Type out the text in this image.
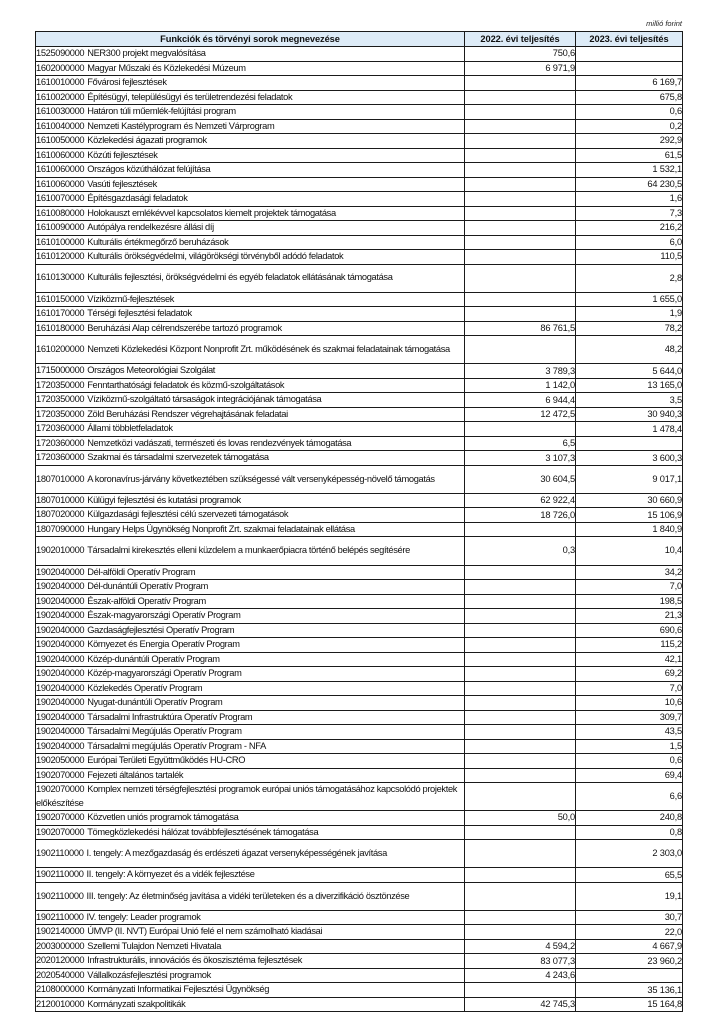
millió forint
Funkciók és törvényi sorok megnevezése	2022. évi teljesítés	2023. évi teljesítés
1525090000 NER300 projekt megvalósítása	750,6	
1602000000 Magyar Műszaki és Közlekedési Múzeum	6 971,9	
1610010000 Fővárosi fejlesztések		6 169,7
1610020000 Építésügyi, településügyi és területrendezési feladatok		675,8
1610030000 Határon túli műemlék-felújítási program		0,6
1610040000 Nemzeti Kastélyprogram és Nemzeti Várprogram		0,2
1610050000 Közlekedési ágazati programok		292,9
1610060000 Közúti fejlesztések		61,5
1610060000 Országos közúthálózat felújítása		1 532,1
1610060000 Vasúti fejlesztések		64 230,5
1610070000 Építésgazdasági feladatok		1,6
1610080000 Holokauszt emlékévvel kapcsolatos kiemelt projektek támogatása		7,3
1610090000 Autópálya rendelkezésre állási díj		216,2
1610100000 Kulturális értékmegőrző beruházások		6,0
1610120000 Kulturális örökségvédelmi, világörökségi törvényből adódó feladatok		110,5
1610130000 Kulturális fejlesztési, örökségvédelmi és egyéb feladatok ellátásának támogatása		2,8
1610150000 Víziközmű-fejlesztések		1 655,0
1610170000 Térségi fejlesztési feladatok		1,9
1610180000 Beruházási Alap célrendszerébe tartozó programok	86 761,5	78,2
1610200000 Nemzeti Közlekedési Központ Nonprofit Zrt. működésének és szakmai feladatainak támogatása		48,2
1715000000 Országos Meteorológiai Szolgálat	3 789,3	5 644,0
1720350000 Fenntarthatósági feladatok és közmű-szolgáltatások	1 142,0	13 165,0
1720350000 Víziközmű-szolgáltató társaságok integrációjának támogatása	6 944,4	3,5
1720350000 Zöld Beruházási Rendszer végrehajtásának feladatai	12 472,5	30 940,3
1720360000 Állami többletfeladatok		1 478,4
1720360000 Nemzetközi vadászati, természeti és lovas rendezvények támogatása	6,5	
1720360000 Szakmai és társadalmi szervezetek támogatása	3 107,3	3 600,3
1807010000 A koronavírus-járvány következtében szükségessé vált versenyképesség-növelő támogatás	30 604,5	9 017,1
1807010000 Külügyi fejlesztési és kutatási programok	62 922,4	30 660,9
1807020000 Külgazdasági fejlesztési célú szervezeti támogatások	18 726,0	15 106,9
1807090000 Hungary Helps Ügynökség Nonprofit Zrt. szakmai feladatainak ellátása		1 840,9
1902010000 Társadalmi kirekesztés elleni küzdelem a munkaerőpiacra történő belépés segítésére	0,3	10,4
1902040000 Dél-alföldi Operatív Program		34,2
1902040000 Dél-dunántúli Operatív Program		7,0
1902040000 Észak-alföldi Operatív Program		198,5
1902040000 Észak-magyarországi Operatív Program		21,3
1902040000 Gazdaságfejlesztési Operatív Program		690,6
1902040000 Környezet és Energia Operatív Program		115,2
1902040000 Közép-dunántúli Operatív Program		42,1
1902040000 Közép-magyarországi Operatív Program		69,2
1902040000 Közlekedés Operatív Program		7,0
1902040000 Nyugat-dunántúli Operatív Program		10,6
1902040000 Társadalmi Infrastruktúra Operatív Program		309,7
1902040000 Társadalmi Megújulás Operatív Program		43,5
1902040000 Társadalmi megújulás Operatív Program - NFA		1,5
1902050000 Európai Területi Együttműködés HU-CRO		0,6
1902070000 Fejezeti általános tartalék		69,4
1902070000 Komplex nemzeti térségfejlesztési programok európai uniós támogatásához kapcsolódó projektek előkészítése		6,6
1902070000 Közvetlen uniós programok támogatása	50,0	240,8
1902070000 Tömegközlekedési hálózat továbbfejlesztésének támogatása		0,8
1902110000 I. tengely: A mezőgazdaság és erdészeti ágazat versenyképességének javítása		2 303,0
1902110000 II. tengely: A környezet és a vidék fejlesztése		65,5
1902110000 III. tengely: Az életminőség javítása a vidéki területeken és a diverzifikáció ösztönzése		19,1
1902110000 IV. tengely: Leader programok		30,7
1902140000 ÚMVP (II. NVT) Európai Unió felé el nem számolható kiadásai		22,0
2003000000 Szellemi Tulajdon Nemzeti Hivatala	4 594,2	4 667,9
2020120000 Infrastrukturális, innovációs és ökoszisztéma fejlesztések	83 077,3	23 960,2
2020540000 Vállalkozásfejlesztési programok	4 243,6	
2108000000 Kormányzati Informatikai Fejlesztési Ügynökség		35 136,1
2120010000 Kormányzati szakpolitikák	42 745,3	15 164,8
